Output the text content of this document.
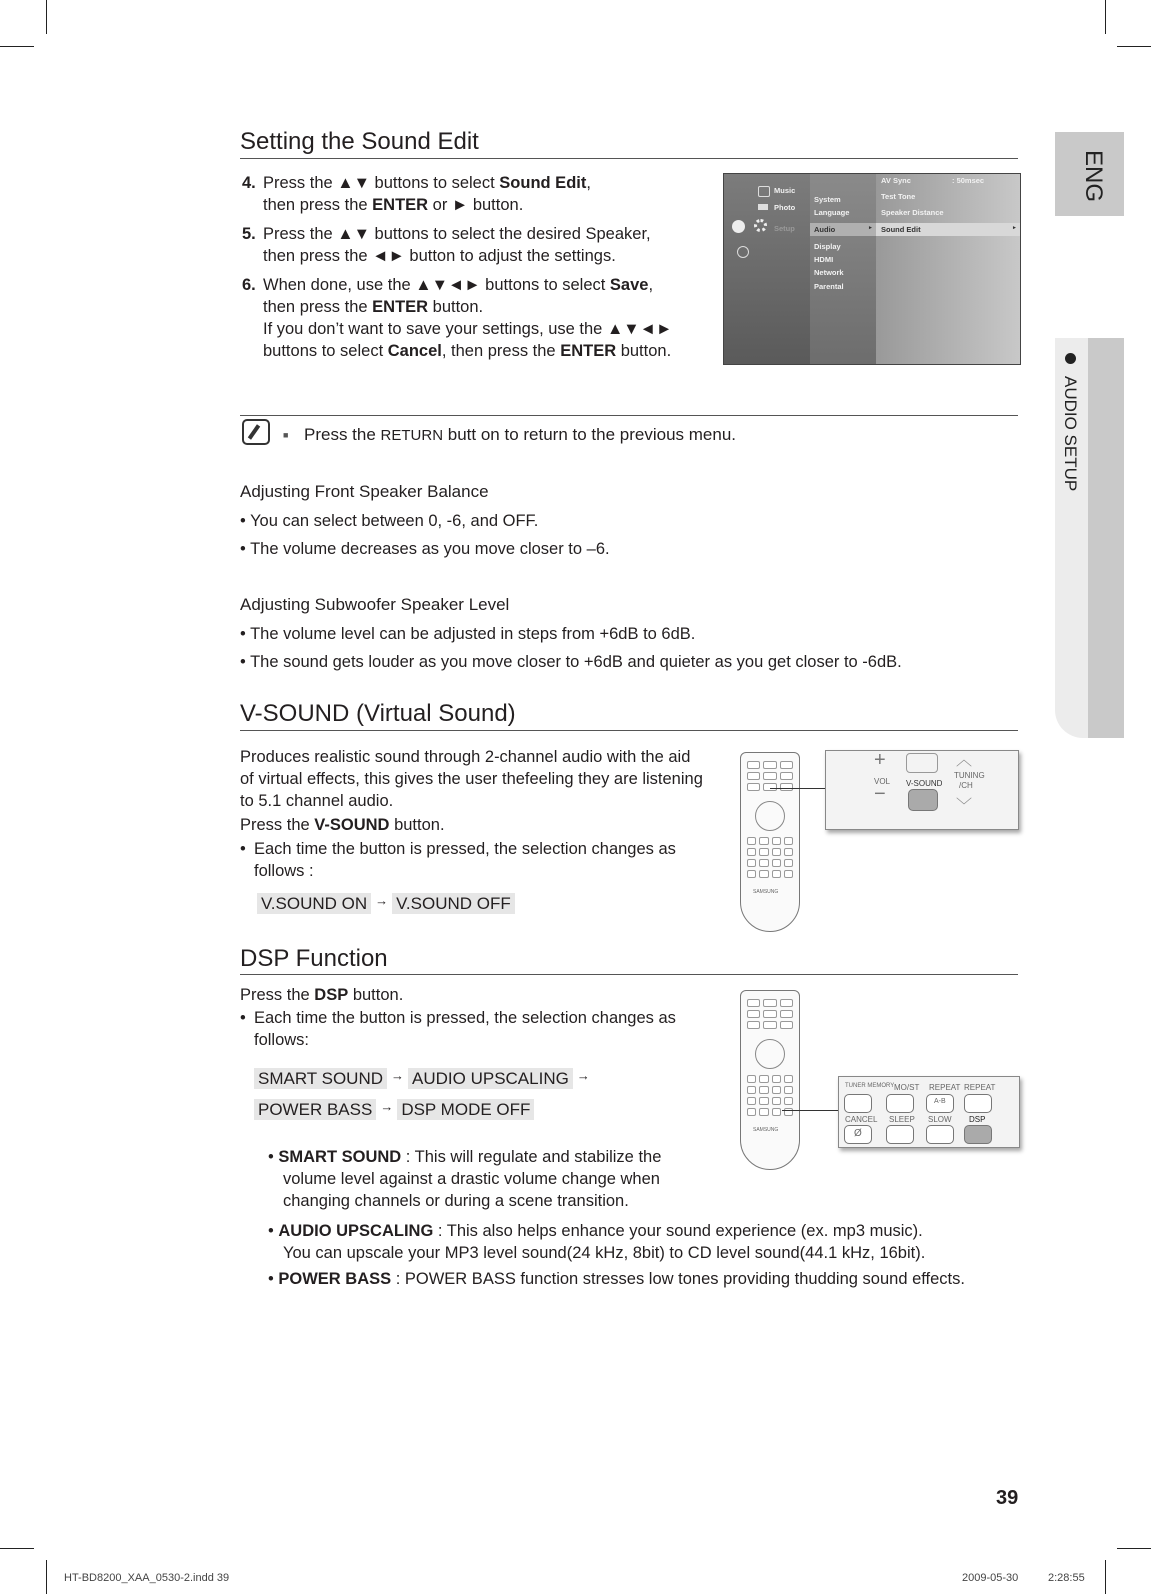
ENG
AUDIO SETUP
Setting the Sound Edit
4. Press the ▲▼ buttons to select Sound Edit,
then press the ENTER or ► button.
5. Press the ▲▼ buttons to select the desired Speaker,
then press the ◄► button to adjust the settings.
6. When done, use the ▲▼◄► buttons to select Save,
then press the ENTER button.
If you don’t want to save your settings, use the ▲▼◄►
buttons to select Cancel, then press the ENTER button.
Music
Photo
Setup
System
Language
Audio	►
Display
HDMI
Network
Parental
AV Sync	: 50msec
Test Tone
Speaker Distance
Sound Edit	►
■ Press the RETURN butt on to return to the previous menu.
Adjusting Front Speaker Balance
• You can select between 0, -6, and OFF.
• The volume decreases as you move closer to –6.
Adjusting Subwoofer Speaker Level
• The volume level can be adjusted in steps from +6dB to 6dB.
• The sound gets louder as you move closer to +6dB and quieter as you get closer to -6dB.
V-SOUND (Virtual Sound)
Produces realistic sound through 2-channel audio with the aid
of virtual effects, this gives the user thefeeling they are listening
to 5.1 channel audio.
Press the V-SOUND button.
• Each time the button is pressed, the selection changes as
follows :
V.SOUND ON → V.SOUND OFF
SAMSUNG
+
VOL
−	V-SOUND
︿
TUNING
/CH
﹀
DSP Function
Press the DSP button.
• Each time the button is pressed, the selection changes as
follows:
SMART SOUND → AUDIO UPSCALING →
POWER BASS → DSP MODE OFF
• SMART SOUND : This will regulate and stabilize the
volume level against a drastic volume change when
changing channels or during a scene transition.
• AUDIO UPSCALING : This also helps enhance your sound experience (ex. mp3 music).
You can upscale your MP3 level sound(24 kHz, 8bit) to CD level sound(44.1 kHz, 16bit).
• POWER BASS : POWER BASS function stresses low tones providing thudding sound effects.
SAMSUNG
TUNER MEMORY MO/ST REPEAT REPEAT
A-B
CANCEL SLEEP SLOW DSP
Ø
39
HT-BD8200_XAA_0530-2.indd 39	2009-05-30	2:28:55
